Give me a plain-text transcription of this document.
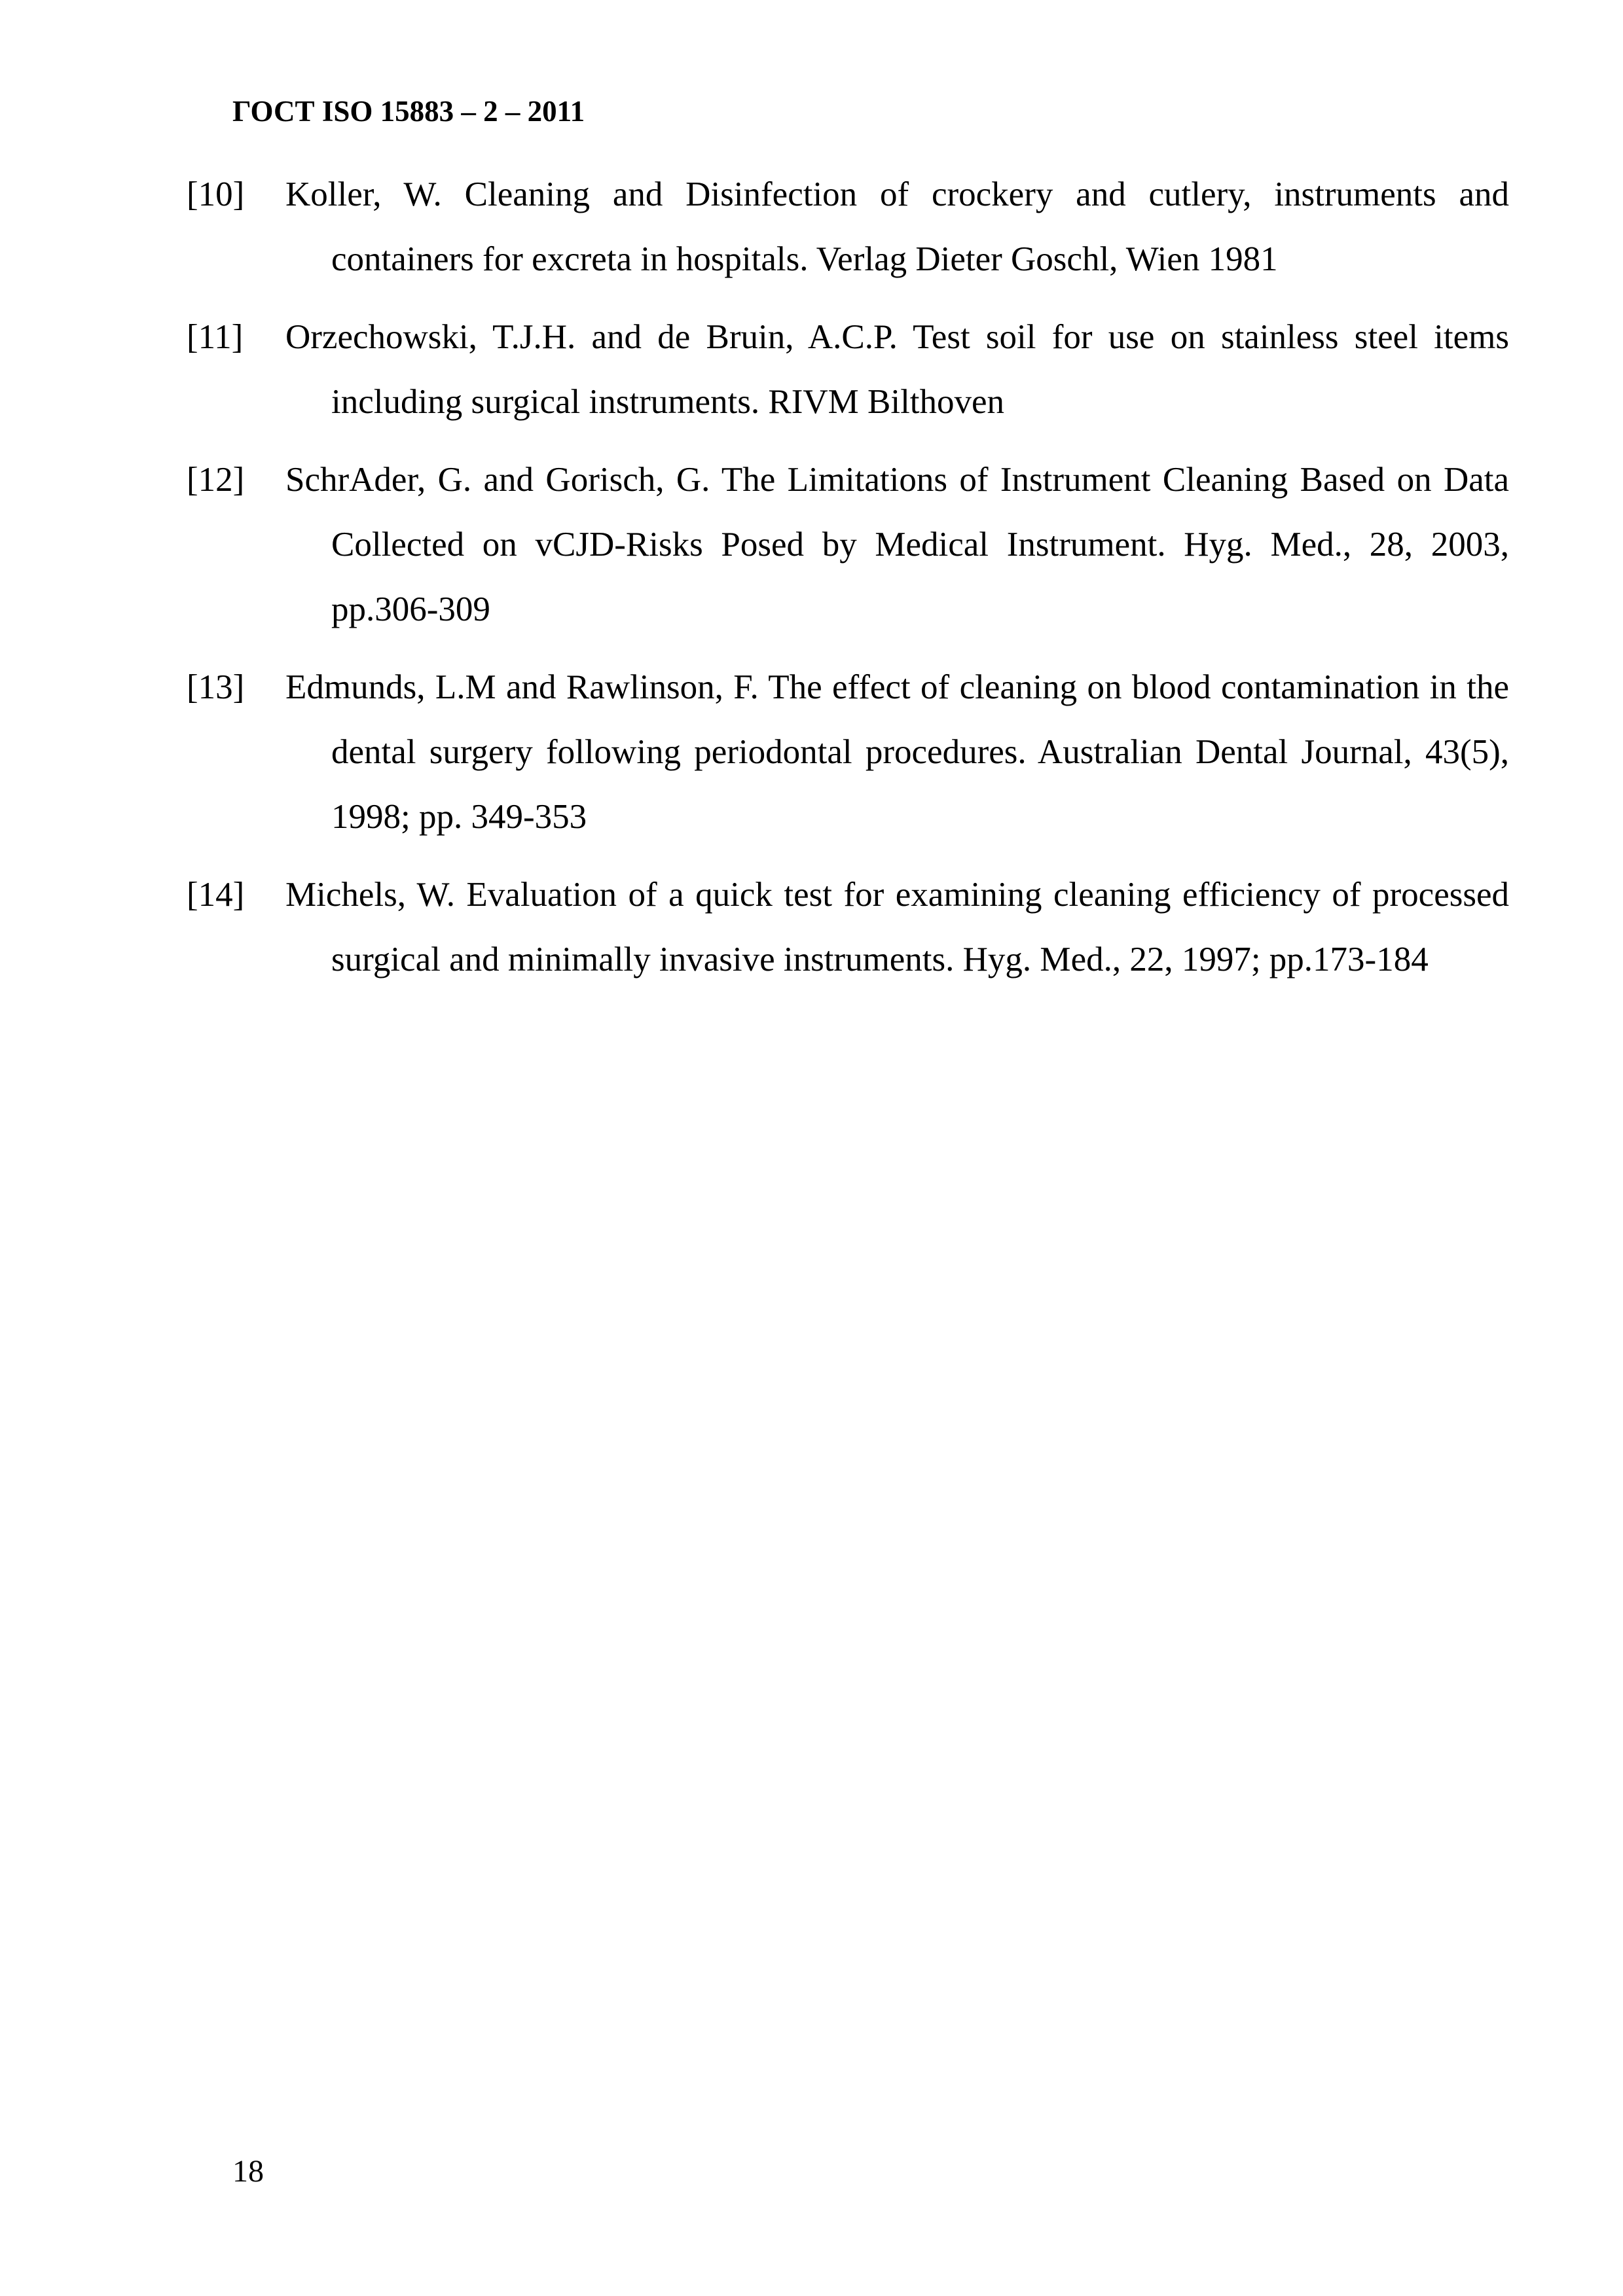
ГОСТ ISO 15883 – 2 – 2011
[10] Koller, W. Cleaning and Disinfection of crockery and cutlery, instruments and containers for excreta in hospitals. Verlag Dieter Goschl, Wien 1981
[11] Orzechowski, T.J.H. and de Bruin, A.C.P. Test soil for use on stainless steel items including surgical instruments. RIVM Bilthoven
[12] SchrAder, G. and Gorisch, G. The Limitations of Instrument Cleaning Based on Data Collected on vCJD-Risks Posed by Medical Instrument. Hyg. Med., 28, 2003, pp.306-309
[13] Edmunds, L.M and Rawlinson, F. The effect of cleaning on blood contamination in the dental surgery following periodontal procedures. Australian Dental Journal, 43(5), 1998; pp. 349-353
[14] Michels, W. Evaluation of a quick test for examining cleaning efficiency of processed surgical and minimally invasive instruments. Hyg. Med., 22, 1997; pp.173-184
18
